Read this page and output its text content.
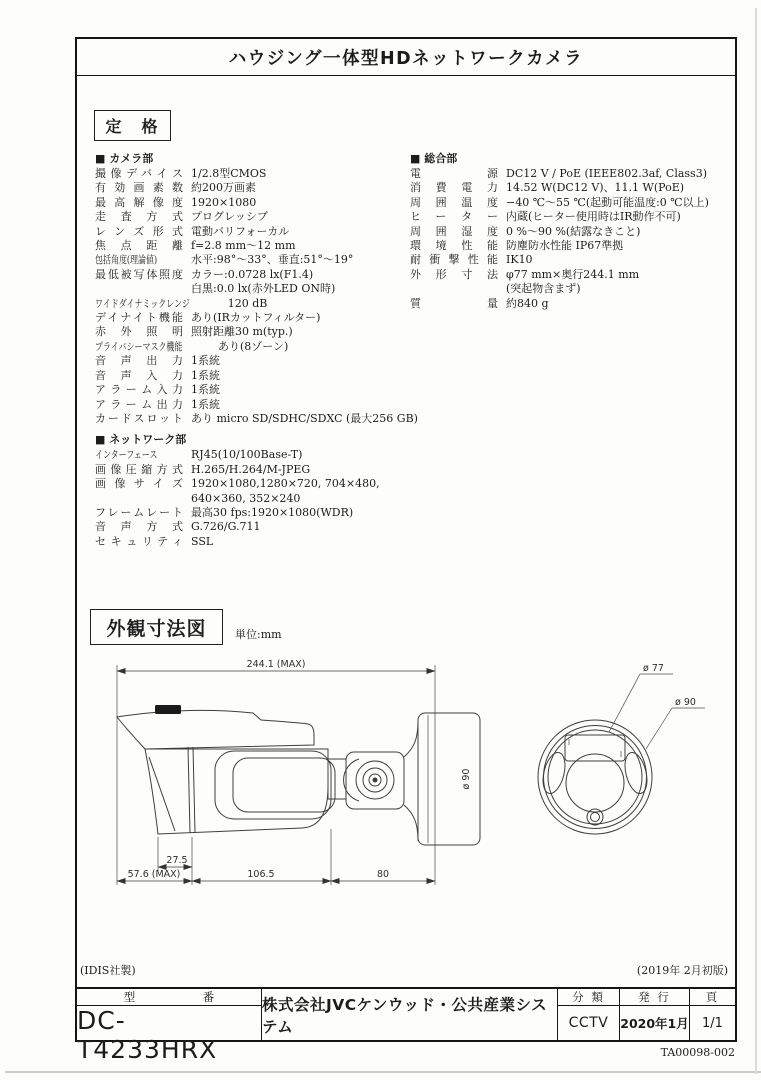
ハウジング一体型HDネットワークカメラ
定　格
■ カメラ部
撮像デバイス 1/2.8型CMOS
有効画素数 約200万画素
最高解像度 1920×1080
走査方式 プログレッシブ
レンズ形式 電動バリフォーカル
焦点距離 f=2.8 mm〜12 mm
包括角度(理論値)	水平:98°〜33°、垂直:51°〜19°
最低被写体照度 カラー:0.0728 lx(F1.4)
白黒:0.0 lx(赤外LED ON時)
ワイドダイナミックレンジ	120 dB
デイナイト機能 あり(IRカットフィルター)
赤外照明 照射距離30 m(typ.)
プライバシーマスク機能	あり(8ゾーン)
音声出力 1系統
音声入力 1系統
アラーム入力 1系統
アラーム出力 1系統
カードスロット あり micro SD/SDHC/SDXC (最大256 GB)
■ ネットワーク部
インターフェース	RJ45(10/100Base-T)
画像圧縮方式 H.265/H.264/M-JPEG
画像サイズ 1920×1080,1280×720, 704×480,
640×360, 352×240
フレームレート 最高30 fps:1920×1080(WDR)
音声方式 G.726/G.711
セキュリティ SSL
■ 総合部
電源 DC12 V / PoE (IEEE802.3af, Class3)
消費電力 14.52 W(DC12 V)、11.1 W(PoE)
周囲温度 −40 ℃〜55 ℃(起動可能温度:0 ℃以上)
ヒーター 内蔵(ヒーター使用時はIR動作不可)
周囲湿度 0 %〜90 %(結露なきこと)
環境性能 防塵防水性能 IP67準拠
耐衝撃性能 IK10
外形寸法 φ77 mm×奥行244.1 mm
(突起物含まず)
質量 約840 g
外観寸法図	単位:mm
ø 90
244.1 (MAX)
27.5
57.6 (MAX)	106.5	80
ø 77
ø 90
(IDIS社製)	(2019年 2月初版)
型　番
DC-T4233HRX
株式会社JVCケンウッド・公共産業システム
分 類
CCTV
発 行
2020年1月
頁
1/1
TA00098-002
